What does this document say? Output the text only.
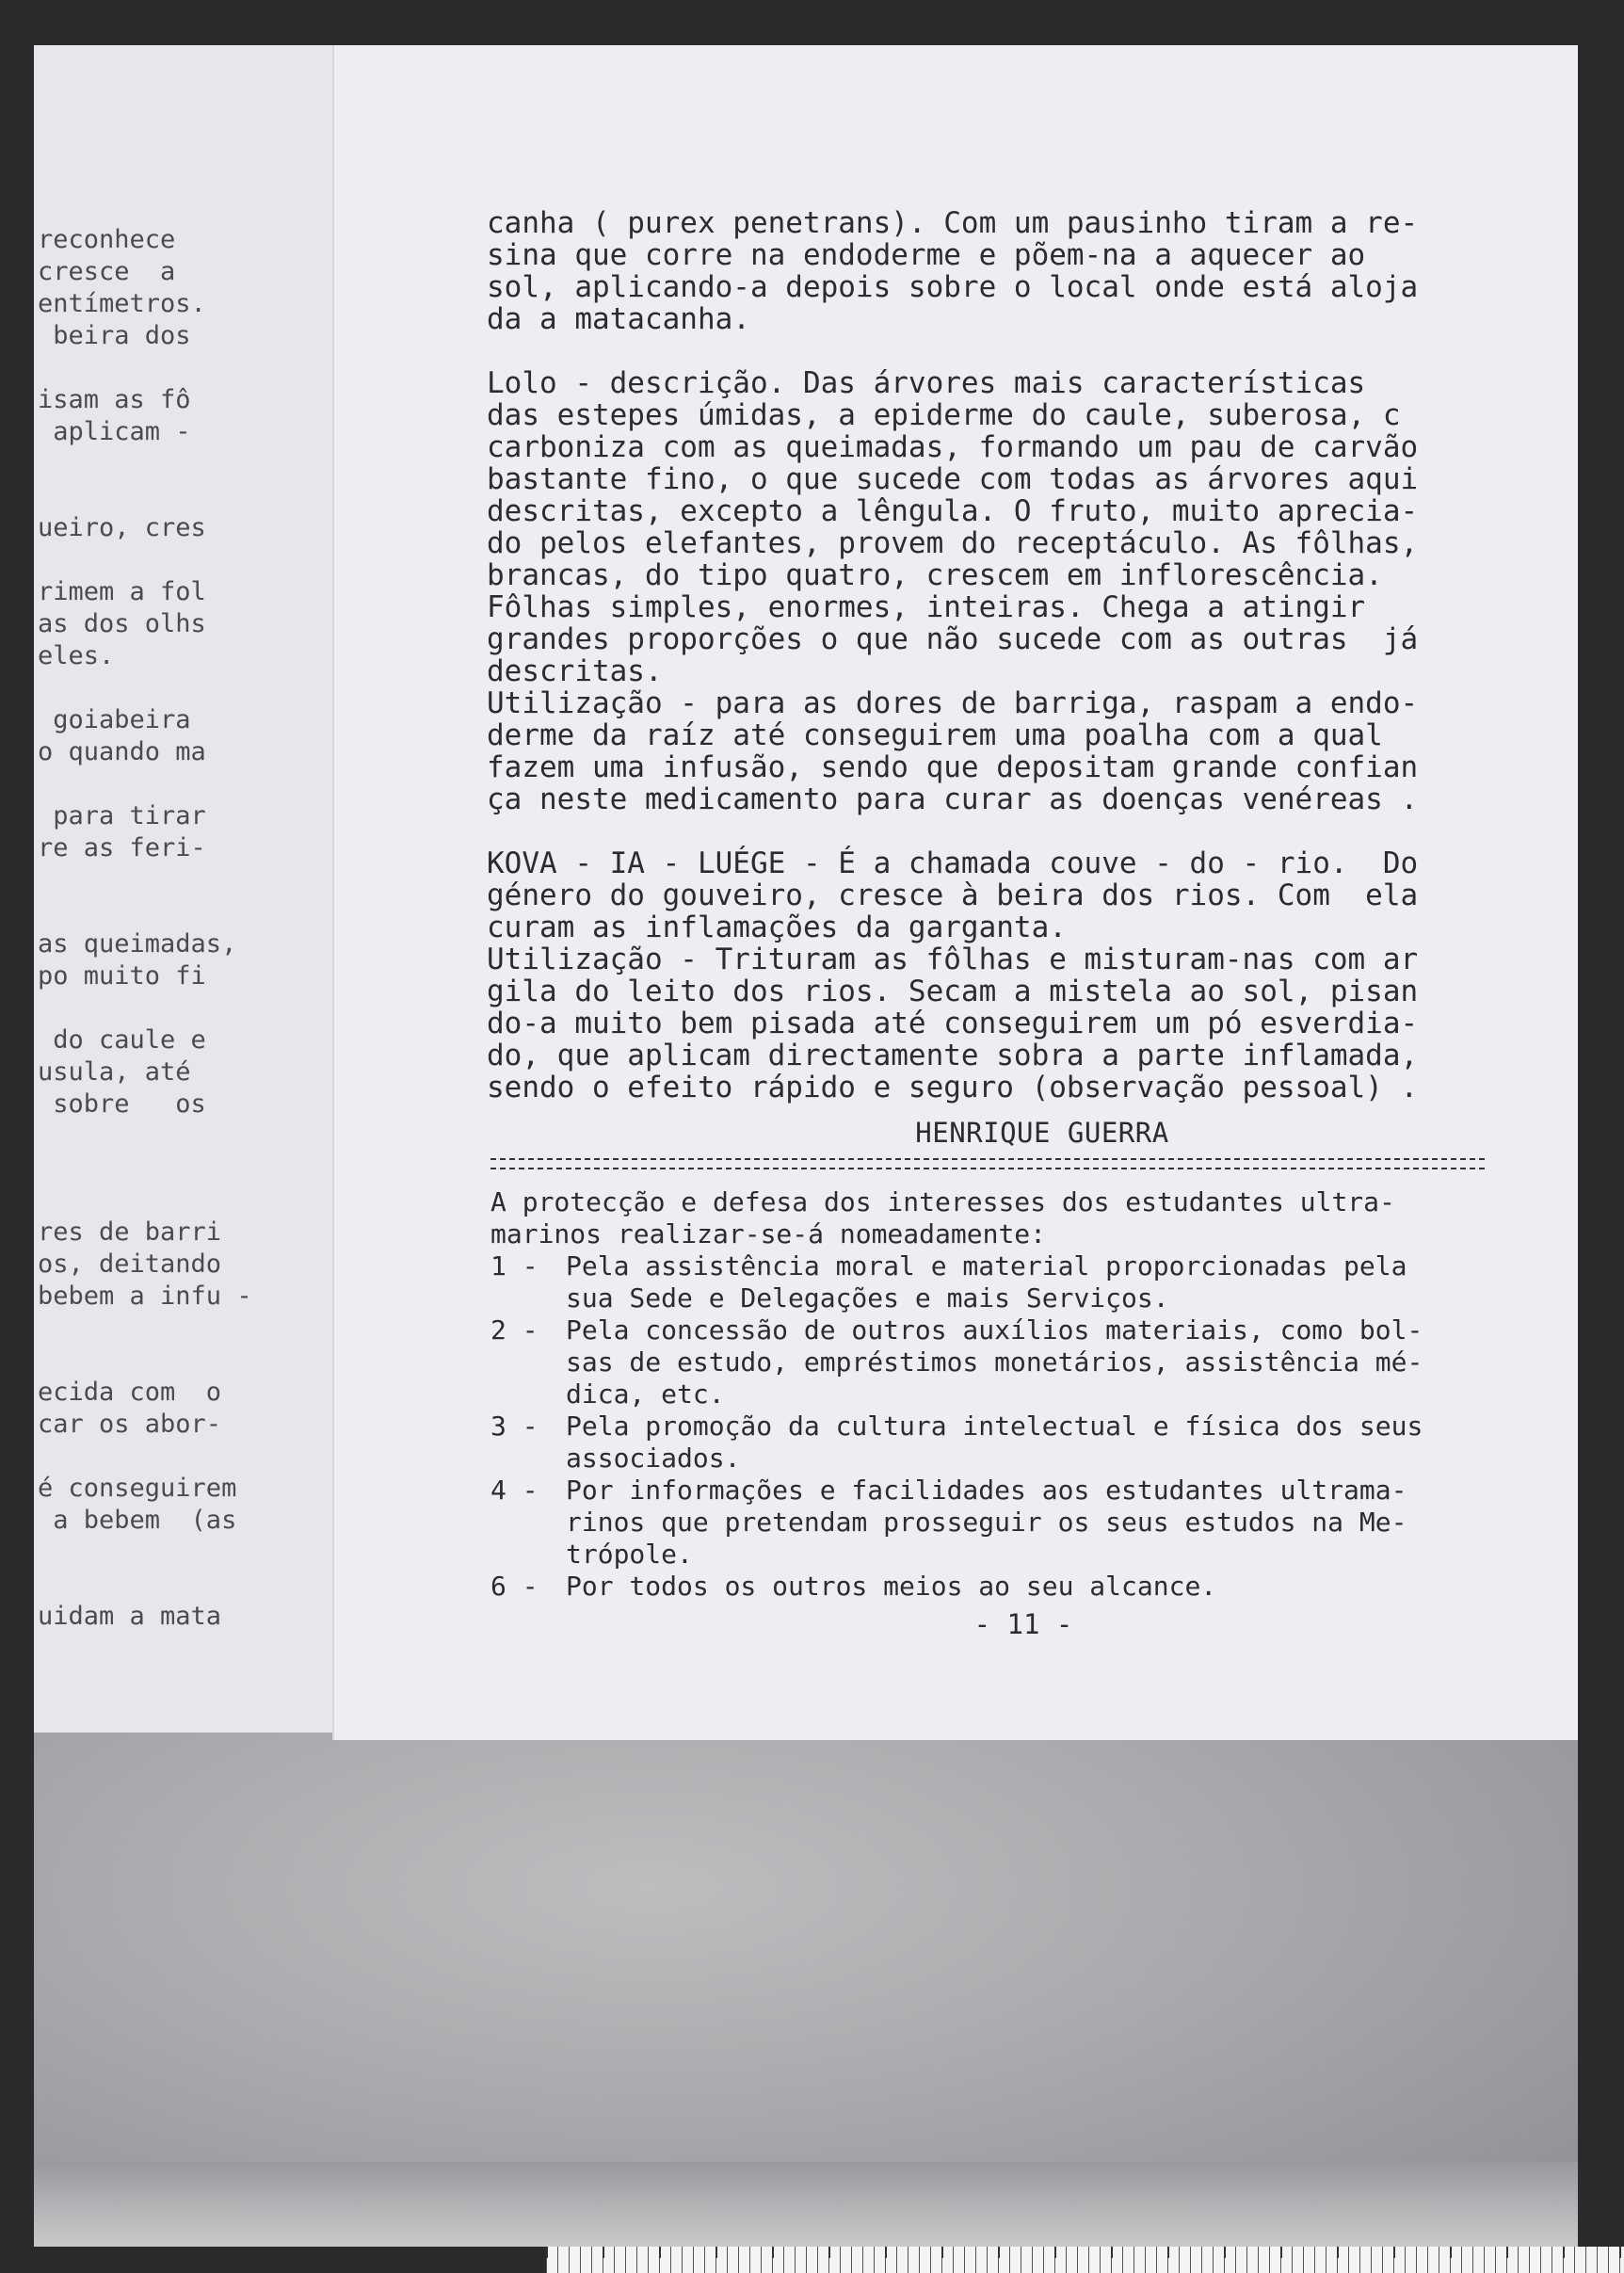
reconhece
cresce  a
entímetros.
beira dos
isam as fô
aplicam -
ueiro, cres
rimem a fol
as dos olhs
eles.
goiabeira
o quando ma
para tirar
re as feri-
as queimadas,
po muito fi
do caule e
usula, até
sobre   os
res de barri
os, deitando
bebem a infu -
ecida com  o
car os abor-
é conseguirem
a bebem  (as
uidam a mata

canha ( purex penetrans). Com um pausinho tiram a re-
sina que corre na endoderme e põem-na a aquecer ao
sol, aplicando-a depois sobre o local onde está aloja
da a matacanha.

Lolo - descrição. Das árvores mais características
das estepes úmidas, a epiderme do caule, suberosa, c
carboniza com as queimadas, formando um pau de carvão
bastante fino, o que sucede com todas as árvores aqui
descritas, excepto a lêngula. O fruto, muito aprecia-
do pelos elefantes, provem do receptáculo. As fôlhas,
brancas, do tipo quatro, crescem em inflorescência.
Fôlhas simples, enormes, inteiras. Chega a atingir
grandes proporções o que não sucede com as outras  já
descritas.

Utilização - para as dores de barriga, raspam a endo-
derme da raíz até conseguirem uma poalha com a qual
fazem uma infusão, sendo que depositam grande confian
ça neste medicamento para curar as doenças venéreas .

KOVA - IA - LUÉGE - É a chamada couve - do - rio.  Do
género do gouveiro, cresce à beira dos rios. Com  ela
curam as inflamações da garganta.

Utilização - Trituram as fôlhas e misturam-nas com ar
gila do leito dos rios. Secam a mistela ao sol, pisan
do-a muito bem pisada até conseguirem um pó esverdia-
do, que aplicam directamente sobra a parte inflamada,
sendo o efeito rápido e seguro (observação pessoal) .

HENRIQUE GUERRA
A protecção e defesa dos interesses dos estudantes ultra-
marinos realizar-se-á nomeadamente:
1 -	Pela assistência moral e material proporcionadas pela
sua Sede e Delegações e mais Serviços.
2 -	Pela concessão de outros auxílios materiais, como bol-
sas de estudo, empréstimos monetários, assistência mé-
dica, etc.
3 -	Pela promoção da cultura intelectual e física dos seus
associados.
4 -	Por informações e facilidades aos estudantes ultrama-
rinos que pretendam prosseguir os seus estudos na Me-
trópole.
6 -	Por todos os outros meios ao seu alcance.
- 11 -
